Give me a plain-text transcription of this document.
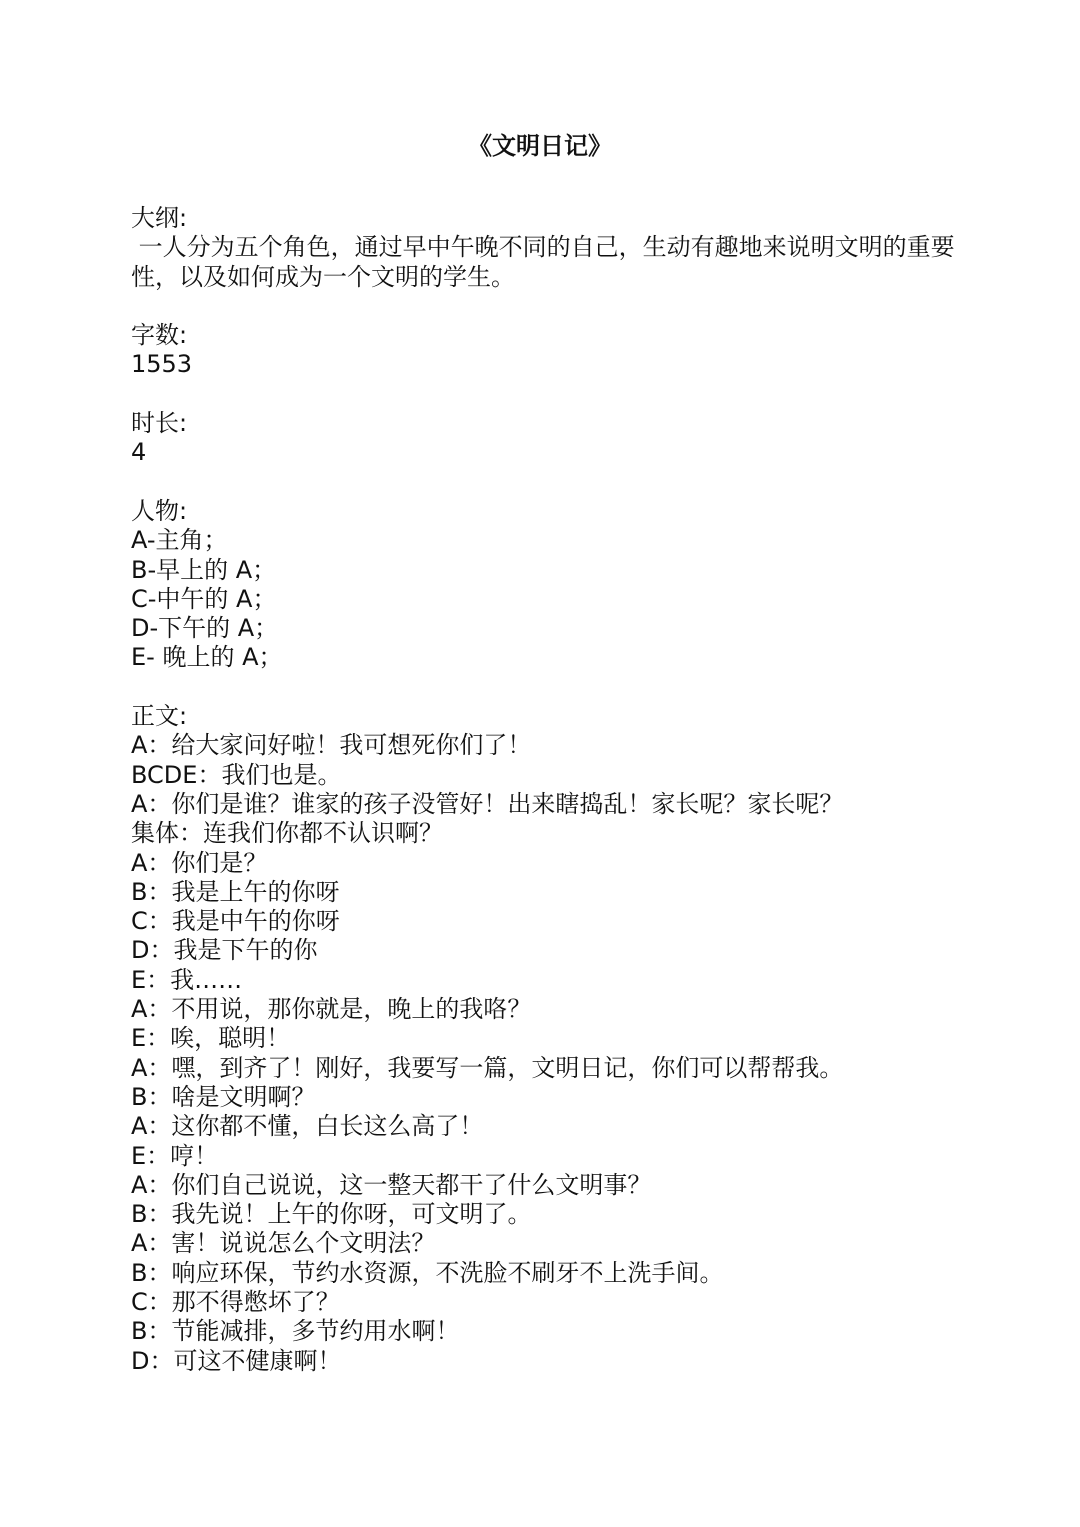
《文明日记》
大纲:
一人分为五个角色，通过早中午晚不同的自己，生动有趣地来说明文明的重要性，以及如何成为一个文明的学生。
字数:
1553
时长:
4
人物:
A-主角；
B-早上的 A；
C-中午的 A；
D-下午的 A；
E- 晚上的 A；
正文:
A：给大家问好啦！我可想死你们了！
BCDE：我们也是。
A：你们是谁？谁家的孩子没管好！出来瞎捣乱！家长呢？家长呢？
集体：连我们你都不认识啊？
A：你们是？
B：我是上午的你呀
C：我是中午的你呀
D：我是下午的你
E：我……
A：不用说，那你就是，晚上的我咯？
E：唉，聪明！
A：嘿，到齐了！刚好，我要写一篇，文明日记，你们可以帮帮我。
B：啥是文明啊？
A：这你都不懂，白长这么高了！
E：哼！
A：你们自己说说，这一整天都干了什么文明事？
B：我先说！上午的你呀，可文明了。
A：害！说说怎么个文明法？
B：响应环保，节约水资源，不洗脸不刷牙不上洗手间。
C：那不得憋坏了？
B：节能减排，多节约用水啊！
D：可这不健康啊！
